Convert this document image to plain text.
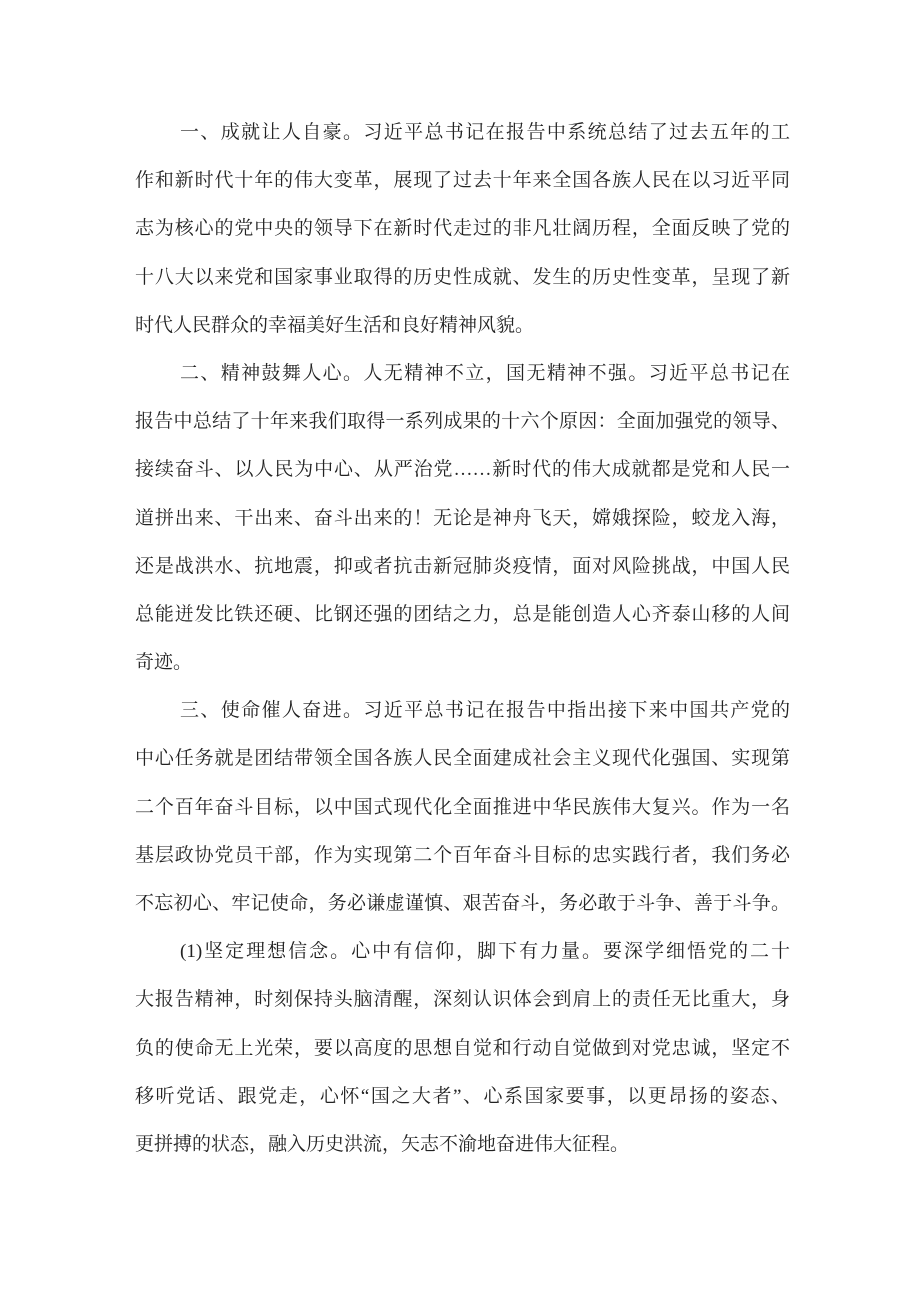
一、成就让人自豪。习近平总书记在报告中系统总结了过去五年的工
作和新时代十年的伟大变革，展现了过去十年来全国各族人民在以习近平同
志为核心的党中央的领导下在新时代走过的非凡壮阔历程，全面反映了党的
十八大以来党和国家事业取得的历史性成就、发生的历史性变革，呈现了新
时代人民群众的幸福美好生活和良好精神风貌。
二、精神鼓舞人心。人无精神不立，国无精神不强。习近平总书记在
报告中总结了十年来我们取得一系列成果的十六个原因：全面加强党的领导、
接续奋斗、以人民为中心、从严治党……新时代的伟大成就都是党和人民一
道拼出来、干出来、奋斗出来的！无论是神舟飞天，嫦娥探险，蛟龙入海，
还是战洪水、抗地震，抑或者抗击新冠肺炎疫情，面对风险挑战，中国人民
总能迸发比铁还硬、比钢还强的团结之力，总是能创造人心齐泰山移的人间
奇迹。
三、使命催人奋进。习近平总书记在报告中指出接下来中国共产党的
中心任务就是团结带领全国各族人民全面建成社会主义现代化强国、实现第
二个百年奋斗目标，以中国式现代化全面推进中华民族伟大复兴。作为一名
基层政协党员干部，作为实现第二个百年奋斗目标的忠实践行者，我们务必
不忘初心、牢记使命，务必谦虚谨慎、艰苦奋斗，务必敢于斗争、善于斗争。
(1)坚定理想信念。心中有信仰，脚下有力量。要深学细悟党的二十
大报告精神，时刻保持头脑清醒，深刻认识体会到肩上的责任无比重大，身
负的使命无上光荣，要以高度的思想自觉和行动自觉做到对党忠诚，坚定不
移听党话、跟党走，心怀“国之大者”、心系国家要事，以更昂扬的姿态、
更拼搏的状态，融入历史洪流，矢志不渝地奋进伟大征程。
